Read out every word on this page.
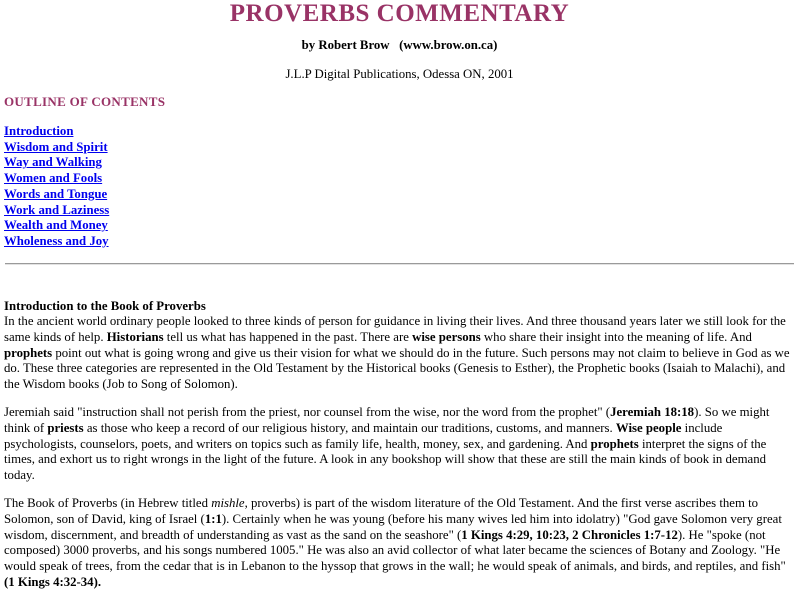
PROVERBS COMMENTARY

by Robert Brow   (www.brow.on.ca)

J.L.P Digital Publications, Odessa ON, 2001

OUTLINE OF CONTENTS
Introduction
Wisdom and Spirit
Way and Walking
Women and Fools
Words and Tongue
Work and Laziness
Wealth and Money
Wholeness and Joy

Introduction to the Book of Proverbs
In the ancient world ordinary people looked to three kinds of person for guidance in living their lives. And three thousand years later we still look for the same kinds of help. Historians tell us what has happened in the past. There are wise persons who share their insight into the meaning of life. And prophets point out what is going wrong and give us their vision for what we should do in the future. Such persons may not claim to believe in God as we do. These three categories are represented in the Old Testament by the Historical books (Genesis to Esther), the Prophetic books (Isaiah to Malachi), and the Wisdom books (Job to Song of Solomon).

Jeremiah said "instruction shall not perish from the priest, nor counsel from the wise, nor the word from the prophet" (Jeremiah 18:18). So we might think of priests as those who keep a record of our religious history, and maintain our traditions, customs, and manners. Wise people include psychologists, counselors, poets, and writers on topics such as family life, health, money, sex, and gardening. And prophets interpret the signs of the times, and exhort us to right wrongs in the light of the future. A look in any bookshop will show that these are still the main kinds of book in demand today.

The Book of Proverbs (in Hebrew titled mishle, proverbs) is part of the wisdom literature of the Old Testament. And the first verse ascribes them to Solomon, son of David, king of Israel (1:1). Certainly when he was young (before his many wives led him into idolatry) "God gave Solomon very great wisdom, discernment, and breadth of understanding as vast as the sand on the seashore" (1 Kings 4:29, 10:23, 2 Chronicles 1:7-12). He "spoke (not composed) 3000 proverbs, and his songs numbered 1005." He was also an avid collector of what later became the sciences of Botany and Zoology. "He would speak of trees, from the cedar that is in Lebanon to the hyssop that grows in the wall; he would speak of animals, and birds, and reptiles, and fish" (1 Kings 4:32-34).
